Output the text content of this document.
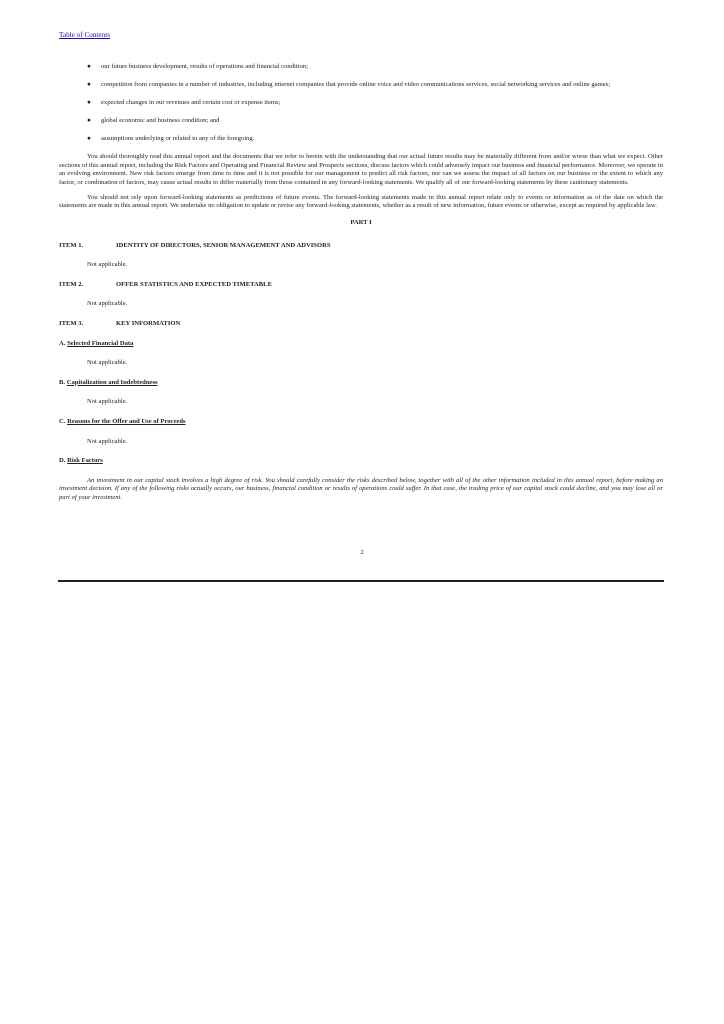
Table of Contents
● our future business development, results of operations and financial condition;
● competition from companies in a number of industries, including internet companies that provide online voice and video communications services, social networking services and online games;
● expected changes in our revenues and certain cost or expense items;
● global economic and business condition; and
● assumptions underlying or related to any of the foregoing.

You should thoroughly read this annual report and the documents that we refer to herein with the understanding that our actual future results may be materially different from and/or worse than what we expect. Other sections of this annual report, including the Risk Factors and Operating and Financial Review and Prospects sections, discuss factors which could adversely impact our business and financial performance. Moreover, we operate in an evolving environment. New risk factors emerge from time to time and it is not possible for our management to predict all risk factors, nor can we assess the impact of all factors on our business or the extent to which any factor, or combination of factors, may cause actual results to differ materially from those contained in any forward-looking statements. We qualify all of our forward-looking statements by these cautionary statements.

You should not rely upon forward-looking statements as predictions of future events. The forward-looking statements made in this annual report relate only to events or information as of the date on which the statements are made in this annual report. We undertake no obligation to update or revise any forward-looking statements, whether as a result of new information, future events or otherwise, except as required by applicable law.

PART I
ITEM 1.	IDENTITY OF DIRECTORS, SENIOR MANAGEMENT AND ADVISORS
Not applicable.
ITEM 2.	OFFER STATISTICS AND EXPECTED TIMETABLE
Not applicable.
ITEM 3.	KEY INFORMATION
A. Selected Financial Data
Not applicable.
B. Capitalization and Indebtedness
Not applicable.
C. Reasons for the Offer and Use of Proceeds
Not applicable.
D. Risk Factors

An investment in our capital stock involves a high degree of risk. You should carefully consider the risks described below, together with all of the other information included in this annual report, before making an investment decision. If any of the following risks actually occurs, our business, financial condition or results of operations could suffer. In that case, the trading price of our capital stock could decline, and you may lose all or part of your investment.

2
